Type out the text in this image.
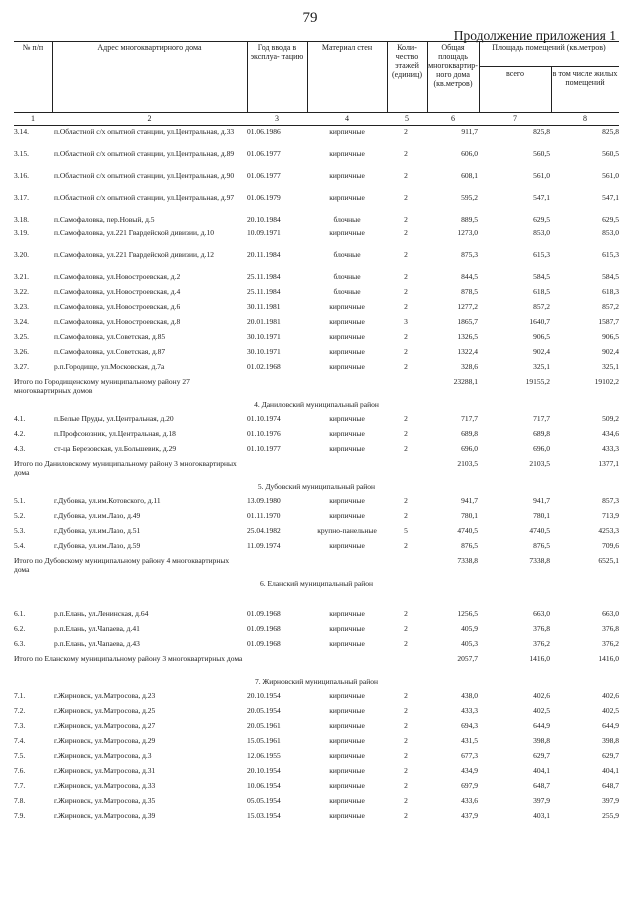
79
Продолжение приложения 1
№ п/п	Адрес многоквартирного дома	Год ввода в эксплуа- тацию
Материал стен	Коли- чество этажей (единиц)
Общая площадь многоквартир- ного дома (кв.метров)
Площадь помещений (кв.метров)
всего	в том числе жилых помещений
1	2	3	4	5	6	7	8
3.14.	п.Областной с/х опытной станции, ул.Центральная, д.33	01.06.1986	кирпичные	2	911,7	825,8	825,8
3.15.	п.Областной с/х опытной станции, ул.Центральная, д.89	01.06.1977	кирпичные	2	606,0	560,5	560,5
3.16.	п.Областной с/х опытной станции, ул.Центральная, д.90	01.06.1977	кирпичные	2	608,1	561,0	561,0
3.17.	п.Областной с/х опытной станции, ул.Центральная, д.97	01.06.1979	кирпичные	2	595,2	547,1	547,1
3.18.	п.Самофаловка, пер.Новый, д.5	20.10.1984	блочные	2	889,5	629,5	629,5
3.19.	п.Самофаловка, ул.221 Гвардейской дивизии, д.10	10.09.1971	кирпичные	2	1273,0	853,0	853,0
3.20.	п.Самофаловка, ул.221 Гвардейской дивизии, д.12	20.11.1984	блочные	2	875,3	615,3	615,3
3.21.	п.Самофаловка, ул.Новостроевская, д.2	25.11.1984	блочные	2	844,5	584,5	584,5
3.22.	п.Самофаловка, ул.Новостроевская, д.4	25.11.1984	блочные	2	878,5	618,5	618,3
3.23.	п.Самофаловка, ул.Новостроевская, д.6	30.11.1981	кирпичные	2	1277,2	857,2	857,2
3.24.	п.Самофаловка, ул.Новостроевская, д.8	20.01.1981	кирпичные	3	1865,7	1640,7	1587,7
3.25.	п.Самофаловка, ул.Советская, д.85	30.10.1971	кирпичные	2	1326,5	906,5	906,5
3.26.	п.Самофаловка, ул.Советская, д.87	30.10.1971	кирпичные	2	1322,4	902,4	902,4
3.27.	р.п.Городище, ул.Московская, д.7а	01.02.1968	кирпичные	2	328,6	325,1	325,1
Итого по Городищенскому муниципальному району 27 многоквартирных домов
23288,1	19155,2	19102,2
4. Даниловский муниципальный район
4.1.	п.Белые Пруды, ул.Центральная, д.20	01.10.1974	кирпичные	2	717,7	717,7	509,2
4.2.	п.Профсоюзник, ул.Центральная, д.18	01.10.1976	кирпичные	2	689,8	689,8	434,6
4.3.	ст-ца Березовская, ул.Большевик, д.29	01.10.1977	кирпичные	2	696,0	696,0	433,3
Итого по Даниловскому муниципальному району 3 многоквартирных дома
2103,5	2103,5	1377,1
5. Дубовский муниципальный район
5.1.	г.Дубовка, ул.им.Котовского, д.11	13.09.1980	кирпичные	2	941,7	941,7	857,3
5.2.	г.Дубовка, ул.им.Лазо, д.49	01.11.1970	кирпичные	2	780,1	780,1	713,9
5.3.	г.Дубовка, ул.им.Лазо, д.51	25.04.1982	крупно-панельные	5	4740,5	4740,5	4253,3
5.4.	г.Дубовка, ул.им.Лазо, д.59	11.09.1974	кирпичные	2	876,5	876,5	709,6
Итого по Дубовскому муниципальному району 4 многоквартирных дома
7338,8	7338,8	6525,1
6. Еланский муниципальный район
6.1.	р.п.Елань, ул.Ленинская, д.64	01.09.1968	кирпичные	2	1256,5	663,0	663,0
6.2.	р.п.Елань, ул.Чапаева, д.41	01.09.1968	кирпичные	2	405,9	376,8	376,8
6.3.	р.п.Елань, ул.Чапаева, д.43	01.09.1968	кирпичные	2	405,3	376,2	376,2
Итого по Еланскому муниципальному району 3 многоквартирных дома	2057,7	1416,0	1416,0
7. Жирновский муниципальный район
7.1.	г.Жирновск, ул.Матросова, д.23	20.10.1954	кирпичные	2	438,0	402,6	402,6
7.2.	г.Жирновск, ул.Матросова, д.25	20.05.1954	кирпичные	2	433,3	402,5	402,5
7.3.	г.Жирновск, ул.Матросова, д.27	20.05.1961	кирпичные	2	694,3	644,9	644,9
7.4.	г.Жирновск, ул.Матросова, д.29	15.05.1961	кирпичные	2	431,5	398,8	398,8
7.5.	г.Жирновск, ул.Матросова, д.3	12.06.1955	кирпичные	2	677,3	629,7	629,7
7.6.	г.Жирновск, ул.Матросова, д.31	20.10.1954	кирпичные	2	434,9	404,1	404,1
7.7.	г.Жирновск, ул.Матросова, д.33	10.06.1954	кирпичные	2	697,9	648,7	648,7
7.8.	г.Жирновск, ул.Матросова, д.35	05.05.1954	кирпичные	2	433,6	397,9	397,9
7.9.	г.Жирновск, ул.Матросова, д.39	15.03.1954	кирпичные	2	437,9	403,1	255,9
